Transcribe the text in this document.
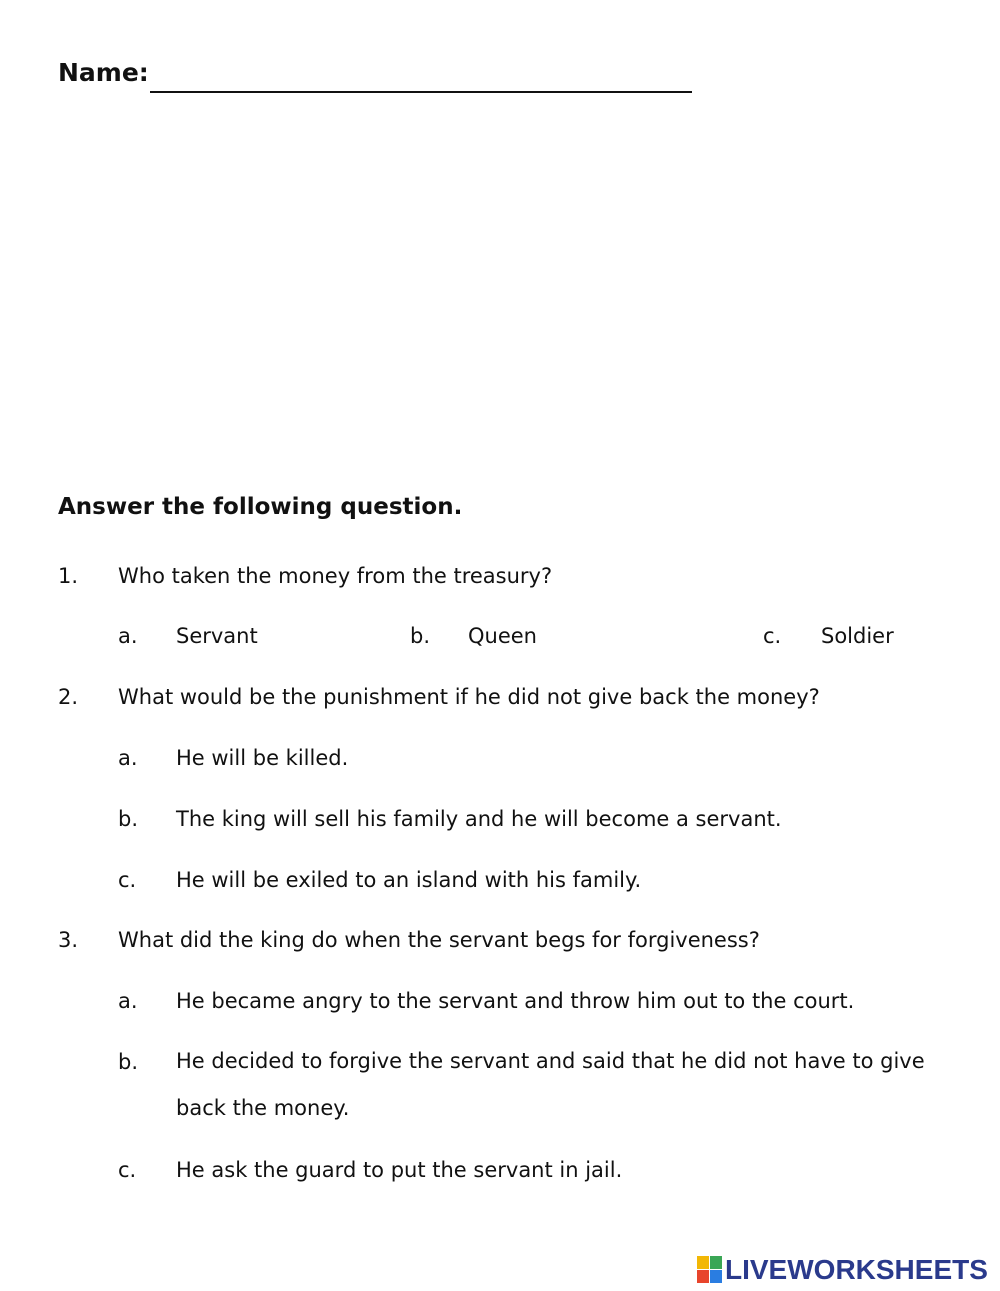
Name:
Answer the following question.
1. Who taken the money from the treasury?
a. Servant	b. Queen	c. Soldier
2. What would be the punishment if he did not give back the money?
a. He will be killed.
b. The king will sell his family and he will become a servant.
c. He will be exiled to an island with his family.
3. What did the king do when the servant begs for forgiveness?
a. He became angry to the servant and throw him out to the court.
b. He decided to forgive the servant and said that he did not have to give back the money.
c. He ask the guard to put the servant in jail.
LIVEWORKSHEETS
